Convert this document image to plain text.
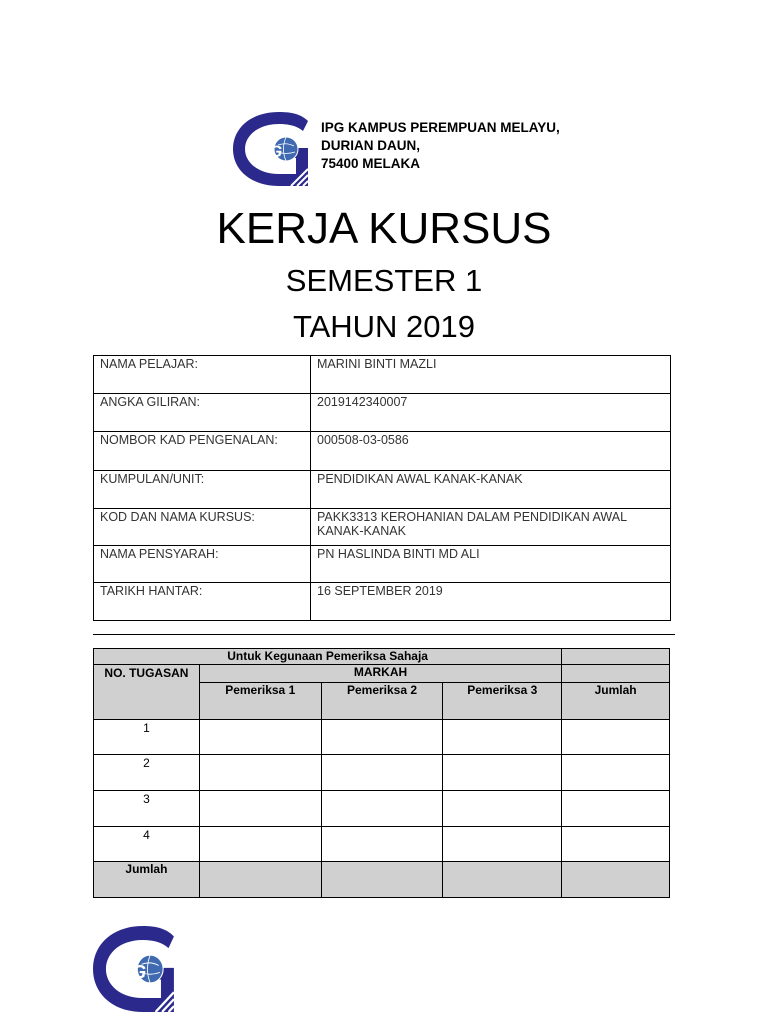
iPG
IPG KAMPUS PEREMPUAN MELAYU,
DURIAN DAUN,
75400 MELAKA
KERJA KURSUS
SEMESTER 1
TAHUN 2019
NAMA PELAJAR:	MARINI BINTI MAZLI
ANGKA GILIRAN:	2019142340007
NOMBOR KAD PENGENALAN:	000508-03-0586
KUMPULAN/UNIT:	PENDIDIKAN AWAL KANAK-KANAK
KOD DAN NAMA KURSUS:	PAKK3313 KEROHANIAN DALAM PENDIDIKAN AWAL KANAK-KANAK
NAMA PENSYARAH:	PN HASLINDA BINTI MD ALI
TARIKH HANTAR:	16 SEPTEMBER 2019
Untuk Kegunaan Pemeriksa Sahaja				
NO. TUGASAN	MARKAH			
	Pemeriksa 1	Pemeriksa 2	Pemeriksa 3	Jumlah
1				
2				
3				
4				
Jumlah				
iPG
